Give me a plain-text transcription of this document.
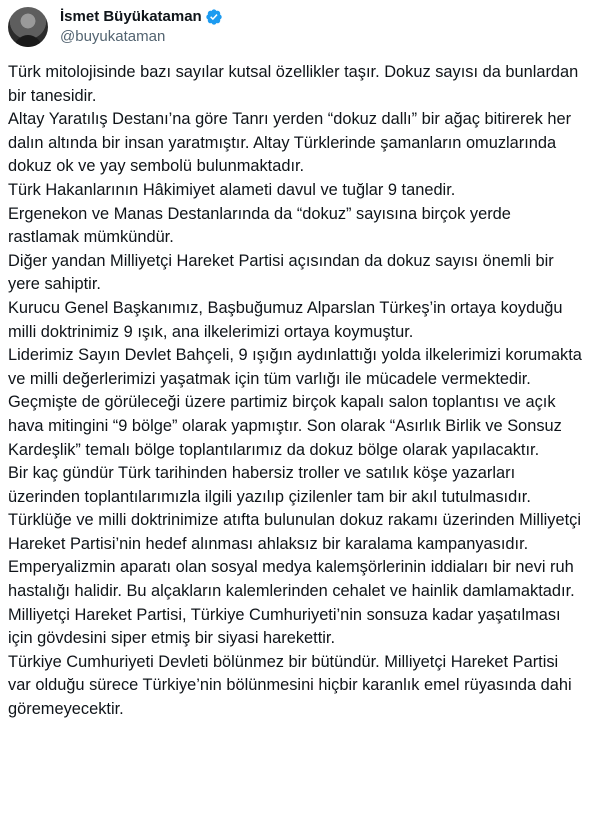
İsmet Büyükataman
@buyukataman

Türk mitolojisinde bazı sayılar kutsal özellikler taşır. Dokuz sayısı da bunlardan bir tanesidir.

Altay Yaratılış Destanı’na göre Tanrı yerden “dokuz dallı” bir ağaç bitirerek her dalın altında bir insan yaratmıştır. Altay Türklerinde şamanların omuzlarında dokuz ok ve yay sembolü bulunmaktadır.

Türk Hakanlarının Hâkimiyet alameti davul ve tuğlar 9 tanedir.

Ergenekon ve Manas Destanlarında da “dokuz” sayısına birçok yerde rastlamak mümkündür.

Diğer yandan Milliyetçi Hareket Partisi açısından da dokuz sayısı önemli bir yere sahiptir.

Kurucu Genel Başkanımız, Başbuğumuz Alparslan Türkeş’in ortaya koyduğu milli doktrinimiz 9 ışık, ana ilkelerimizi ortaya koymuştur.

Liderimiz Sayın Devlet Bahçeli, 9 ışığın aydınlattığı yolda ilkelerimizi korumakta ve milli değerlerimizi yaşatmak için tüm varlığı ile mücadele vermektedir.

Geçmişte de görüleceği üzere partimiz birçok kapalı salon toplantısı ve açık hava mitingini “9 bölge” olarak yapmıştır. Son olarak “Asırlık Birlik ve Sonsuz Kardeşlik” temalı bölge toplantılarımız da dokuz bölge olarak yapılacaktır.

Bir kaç gündür Türk tarihinden habersiz troller ve satılık köşe yazarları üzerinden toplantılarımızla ilgili yazılıp çizilenler tam bir akıl tutulmasıdır.

Türklüğe ve milli doktrinimize atıfta bulunulan dokuz rakamı üzerinden Milliyetçi Hareket Partisi’nin hedef alınması ahlaksız bir karalama kampanyasıdır.

Emperyalizmin aparatı olan sosyal medya kalemşörlerinin iddiaları bir nevi ruh hastalığı halidir. Bu alçakların kalemlerinden cehalet ve hainlik damlamaktadır.

Milliyetçi Hareket Partisi, Türkiye Cumhuriyeti’nin sonsuza kadar yaşatılması için gövdesini siper etmiş bir siyasi harekettir.

Türkiye Cumhuriyeti Devleti bölünmez bir bütündür. Milliyetçi Hareket Partisi var olduğu sürece Türkiye’nin bölünmesini hiçbir karanlık emel rüyasında dahi göremeyecektir.
